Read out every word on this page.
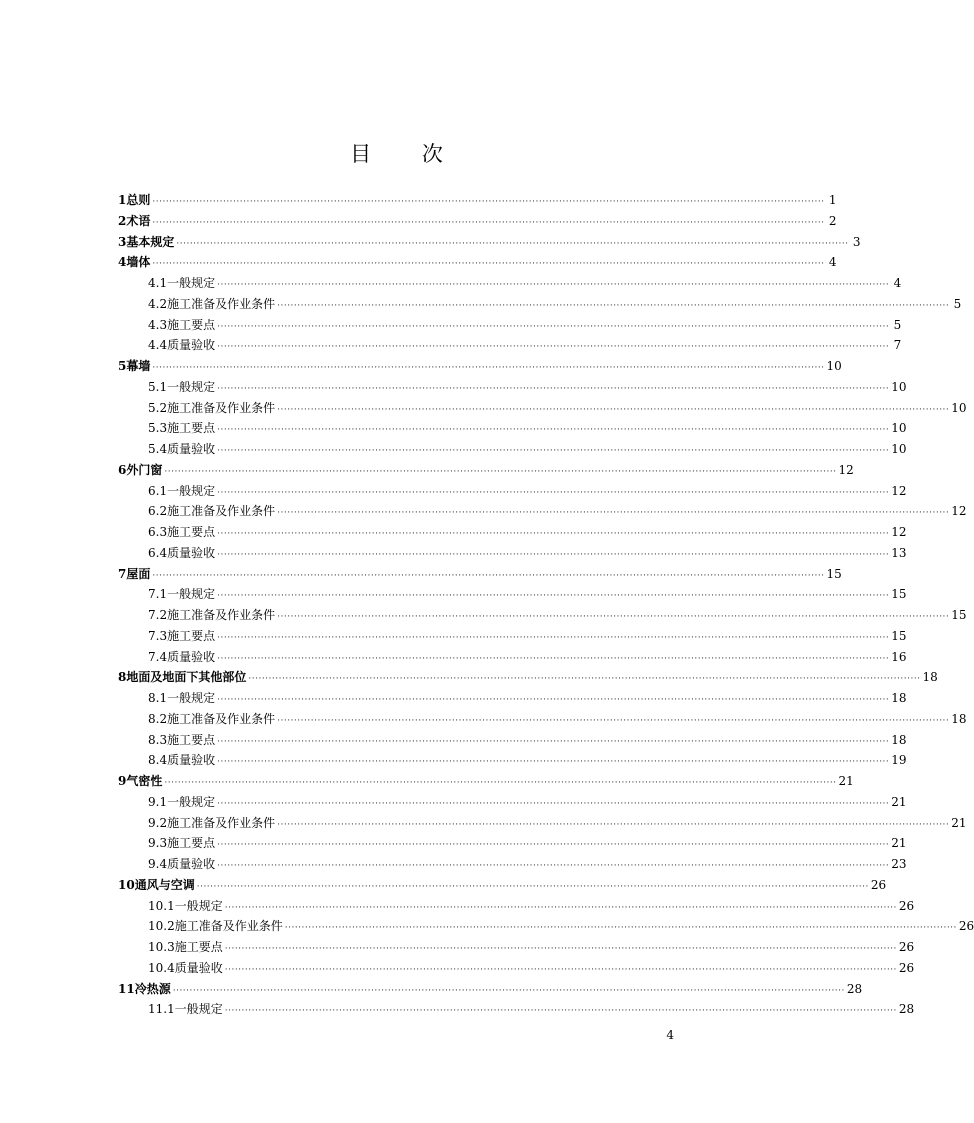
目 次
1 总则 ········································································································································································································ 1
2 术语 ········································································································································································································ 2
3 基本规定 ········································································································································································································ 3
4 墙体 ········································································································································································································ 4
4.1 一般规定 ········································································································································································································ 4
4.2 施工准备及作业条件 ········································································································································································································ 5
4.3 施工要点 ········································································································································································································ 5
4.4 质量验收 ········································································································································································································ 7
5 幕墙 ········································································································································································································ 10
5.1 一般规定 ········································································································································································································ 10
5.2 施工准备及作业条件 ········································································································································································································ 10
5.3 施工要点 ········································································································································································································ 10
5.4 质量验收 ········································································································································································································ 10
6 外门窗 ········································································································································································································ 12
6.1 一般规定 ········································································································································································································ 12
6.2 施工准备及作业条件 ········································································································································································································ 12
6.3 施工要点 ········································································································································································································ 12
6.4 质量验收 ········································································································································································································ 13
7 屋面 ········································································································································································································ 15
7.1 一般规定 ········································································································································································································ 15
7.2 施工准备及作业条件 ········································································································································································································ 15
7.3 施工要点 ········································································································································································································ 15
7.4 质量验收 ········································································································································································································ 16
8 地面及地面下其他部位 ········································································································································································································ 18
8.1 一般规定 ········································································································································································································ 18
8.2 施工准备及作业条件 ········································································································································································································ 18
8.3 施工要点 ········································································································································································································ 18
8.4 质量验收 ········································································································································································································ 19
9 气密性 ········································································································································································································ 21
9.1 一般规定 ········································································································································································································ 21
9.2 施工准备及作业条件 ········································································································································································································ 21
9.3 施工要点 ········································································································································································································ 21
9.4 质量验收 ········································································································································································································ 23
10 通风与空调 ········································································································································································································ 26
10.1 一般规定 ········································································································································································································ 26
10.2 施工准备及作业条件 ········································································································································································································ 26
10.3 施工要点 ········································································································································································································ 26
10.4 质量验收 ········································································································································································································ 26
11 冷热源 ········································································································································································································ 28
11.1 一般规定 ········································································································································································································ 28
4
